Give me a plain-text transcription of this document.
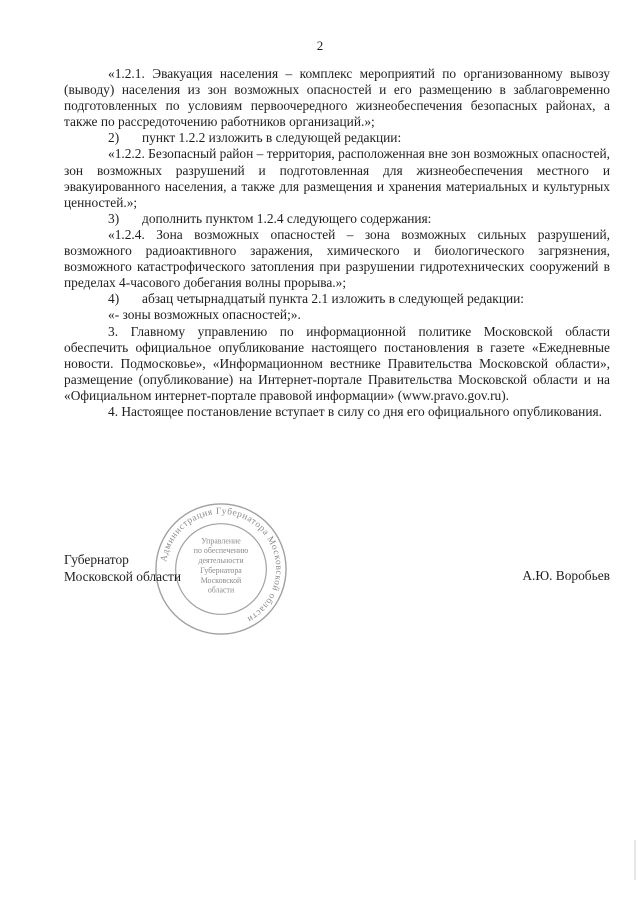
2

«1.2.1. Эвакуация населения – комплекс мероприятий по организованному вывозу (выводу) населения из зон возможных опасностей и его размещению в заблаговременно подготовленных по условиям первоочередного жизнеобеспечения безопасных районах, а также по рассредоточению работников организаций.»;

2) пункт 1.2.2 изложить в следующей редакции:

«1.2.2. Безопасный район – территория, расположенная вне зон возможных опасностей, зон возможных разрушений и подготовленная для жизнеобеспечения местного и эвакуированного населения, а также для размещения и хранения материальных и культурных ценностей.»;

3) дополнить пунктом 1.2.4 следующего содержания:

«1.2.4. Зона возможных опасностей – зона возможных сильных разрушений, возможного радиоактивного заражения, химического и биологического загрязнения, возможного катастрофического затопления при разрушении гидротехнических сооружений в пределах 4-часового добегания волны прорыва.»;

4) абзац четырнадцатый пункта 2.1 изложить в следующей редакции:

«- зоны возможных опасностей;».

3. Главному управлению по информационной политике Московской области обеспечить официальное опубликование настоящего постановления в газете «Ежедневные новости. Подмосковье», «Информационном вестнике Правительства Московской области», размещение (опубликование) на Интернет-портале Правительства Московской области и на «Официальном интернет-портале правовой информации» (www.pravo.gov.ru).

4. Настоящее постановление вступает в силу со дня его официального опубликования.

Администрация Губернатора Московской области
Управление
по обеспечению
деятельности
Губернатора
Московской
области
Губернатор
Московской области	А.Ю. Воробьев
